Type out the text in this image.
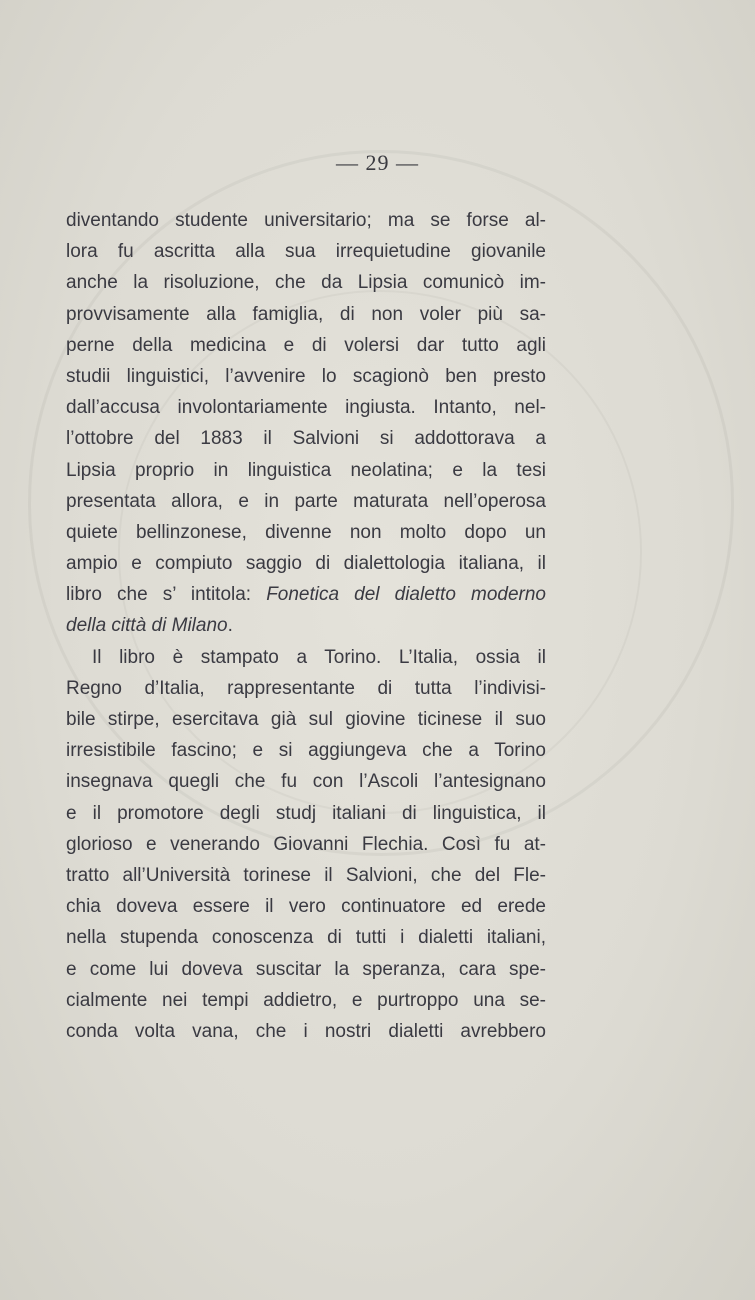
— 29 —
diventando studente universitario; ma se forse al-
lora fu ascritta alla sua irrequietudine giovanile
anche la risoluzione, che da Lipsia comunicò im-
provvisamente alla famiglia, di non voler più sa-
perne della medicina e di volersi dar tutto agli
studii linguistici, l’avvenire lo scagionò ben presto
dall’accusa involontariamente ingiusta. Intanto, nel-
l’ottobre del 1883 il Salvioni si addottorava a
Lipsia proprio in linguistica neolatina; e la tesi
presentata allora, e in parte maturata nell’operosa
quiete bellinzonese, divenne non molto dopo un
ampio e compiuto saggio di dialettologia italiana, il
libro che s’ intitola: Fonetica del dialetto moderno
della città di Milano.
Il libro è stampato a Torino. L’Italia, ossia il
Regno d’Italia, rappresentante di tutta l’indivisi-
bile stirpe, esercitava già sul giovine ticinese il suo
irresistibile fascino; e si aggiungeva che a Torino
insegnava quegli che fu con l’Ascoli l’antesignano
e il promotore degli studj italiani di linguistica, il
glorioso e venerando Giovanni Flechia. Così fu at-
tratto all’Università torinese il Salvioni, che del Fle-
chia doveva essere il vero continuatore ed erede
nella stupenda conoscenza di tutti i dialetti italiani,
e come lui doveva suscitar la speranza, cara spe-
cialmente nei tempi addietro, e purtroppo una se-
conda volta vana, che i nostri dialetti avrebbero
